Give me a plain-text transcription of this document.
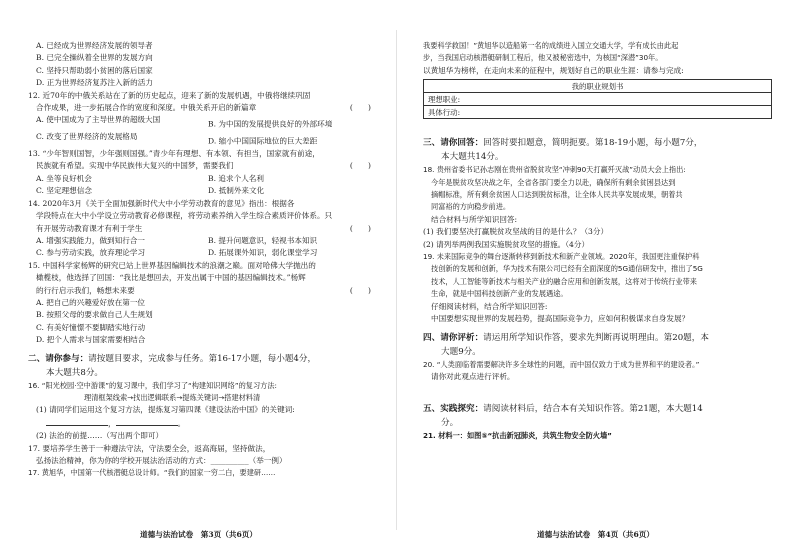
A. 已经成为世界经济发展的领导者
B. 已完全操纵着全世界的发展方向
C. 坚持只帮助弱小贫困的落后国家
D. 正为世界经济复苏注入新的活力
12. 近70年的中俄关系站在了新的历史起点，迎来了新的发展机遇，中俄将继续巩固
合作成果，进一步拓展合作的宽度和深度。中俄关系开启的新篇章	(　　)
A. 使中国成为了主导世界的超级大国	B. 为中国的发展提供良好的外部环境
C. 改变了世界经济的发展格局	D. 缩小中国国际地位的巨大差距
13. “少年智则国智，少年强则国强。”青少年有理想、有本领、有担当，国家就有前途，
民族就有希望。实现中华民族伟大复兴的中国梦，需要我们	(　　)
A. 坐等良好机会	B. 追求个人名利
C. 坚定理想信念	D. 抵制外来文化
14. 2020年3月《关于全面加强新时代大中小学劳动教育的意见》指出：根据各
学段特点在大中小学设立劳动教育必修课程，将劳动素养纳入学生综合素质评价体系。只
有开展劳动教育课才有利于学生	(　　)
A. 增强实践能力，做到知行合一	B. 提升问题意识，轻视书本知识
C. 参与劳动实践，放弃理论学习	D. 拓展课外知识，弱化课堂学习
15. 中国科学家杨辉的研究已站上世界基因编辑技术的浪潮之巅。面对哈佛大学抛出的
橄榄枝，他选择了回国：“我比是想回去，开发出属于中国的基因编辑技术。”杨辉
的行行启示我们，畅想未来要	(　　)
A. 把自己的兴趣爱好放在第一位
B. 按照父母的要求做自己人生规划
C. 有美好憧憬不要脚踏实地行动
D. 把个人需求与国家需要相结合
二、请你参与：请按题目要求，完成参与任务。第16-17小题，每小题4分，
本大题共8分。
16. “阳光校园·空中游课”的复习课中，我们学习了“构建知识网络”的复习方法:
理清框架线索→找出逻辑联系→提炼关键词→搭建材料清
(1) 请同学们运用这个复习方法，提炼复习第四课《建设法治中国》的关键词:
，	。
(2) 法治的前提……（写出两个即可）
17. 要培养学生善于一种遵法守法，守法要全会，返高海届，坚持做法，
弘扬法治精神，你为你的学校开展法治活动的方式：__________（举一例）
17. 黄旭华，中国第一代核潜艇总设计师。“我们的国家一穷二白，要建研……
道德与法治试卷　第3页（共6页）
我要科学救国！”黄旭华以造船第一名的成绩进入国立交通大学，学有成长由此起
步，当我国启动核潜艇研制工程后，他又被秘密选中，为核国“深潜”30年。
以黄旭华为榜样，在走向未来的征程中，规划好自己的职业生涯：请参与完成:
我的职业规划书
理想职业:
具体行动:
三、请你回答：回答时要扣题意，简明扼要。第18-19小题，每小题7分，
本大题共14分。
18. 贵州省委书记孙志刚在贵州省脱贫攻坚“冲刺90天打赢歼灭战”动员大会上指出:
今年是脱贫攻坚决战之年，全省各部门要全力以赴，确保所有剩余贫困县达到
摘帽标准，所有剩余贫困人口达到脱贫标准，让全体人民共享发展成果，朝着共
同富裕的方向稳步前进。
结合材料与所学知识回答:
(1) 我们要坚决打赢脱贫攻坚战的目的是什么？（3分）
(2) 请列举两例我国实施脱贫攻坚的措施。（4分）
19. 未来国际竞争的舞台逐渐转移到新技术和新产业领域。2020年，我国更注重保护科
技创新的发展和创新，华为技术有限公司已经有全面深度的5G通信研发中，推出了5G
技术，人工智能等新技术与相关产业的融合应用和创新发展，这将对于传统行业带来
生命，就是中国科技创新产业的发展遇途。
仔细阅读材料，结合所学知识回答:
中国要想实现世界的发展趋势，提高国际竞争力，应如何积极谋求自身发展？
四、请你评析：请运用所学知识作答，要求先判断再说明理由。第20题，本
大题9分。
20. “人类面临着需要解决许多全球性的问题，而中国仅致力于成为世界和平的建设者。”
请你对此观点进行评析。
五、实践探究：请阅读材料后，结合本有关知识作答。第21题，本大题14
分。
21. 材料一：如图⑤“抗击新冠肺炎，共筑生物安全防火墙”
道德与法治试卷　第4页（共6页）
